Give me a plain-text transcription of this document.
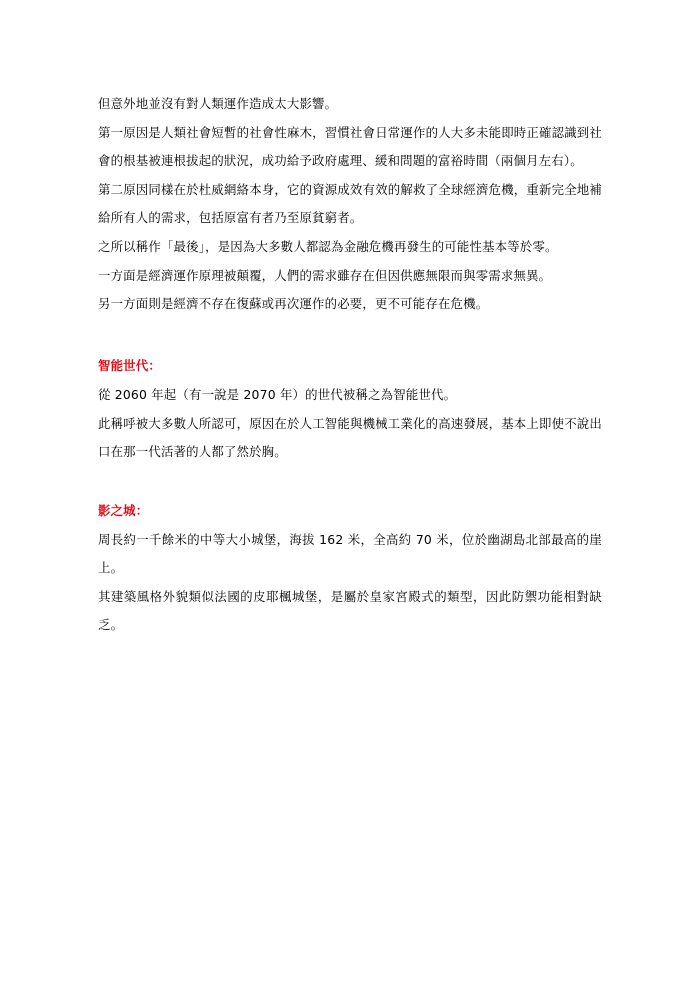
但意外地並沒有對人類運作造成太大影響。

第一原因是人類社會短暫的社會性麻木，習慣社會日常運作的人大多未能即時正確認識到社會的根基被連根拔起的狀況，成功給予政府處理、緩和問題的富裕時間（兩個月左右）。

第二原因同樣在於杜威網絡本身，它的資源成效有效的解救了全球經濟危機，重新完全地補給所有人的需求，包括原富有者乃至原貧窮者。

之所以稱作「最後」，是因為大多數人都認為金融危機再發生的可能性基本等於零。

一方面是經濟運作原理被顛覆，人們的需求雖存在但因供應無限而與零需求無異。

另一方面則是經濟不存在復蘇或再次運作的必要，更不可能存在危機。

智能世代：

從 2060 年起（有一說是 2070 年）的世代被稱之為智能世代。

此稱呼被大多數人所認可，原因在於人工智能與機械工業化的高速發展，基本上即使不說出口在那一代活著的人都了然於胸。

影之城：

周長約一千餘米的中等大小城堡，海拔 162 米，全高約 70 米，位於幽湖島北部最高的崖上。

其建築風格外貌類似法國的皮耶楓城堡，是屬於皇家宮殿式的類型，因此防禦功能相對缺乏。
